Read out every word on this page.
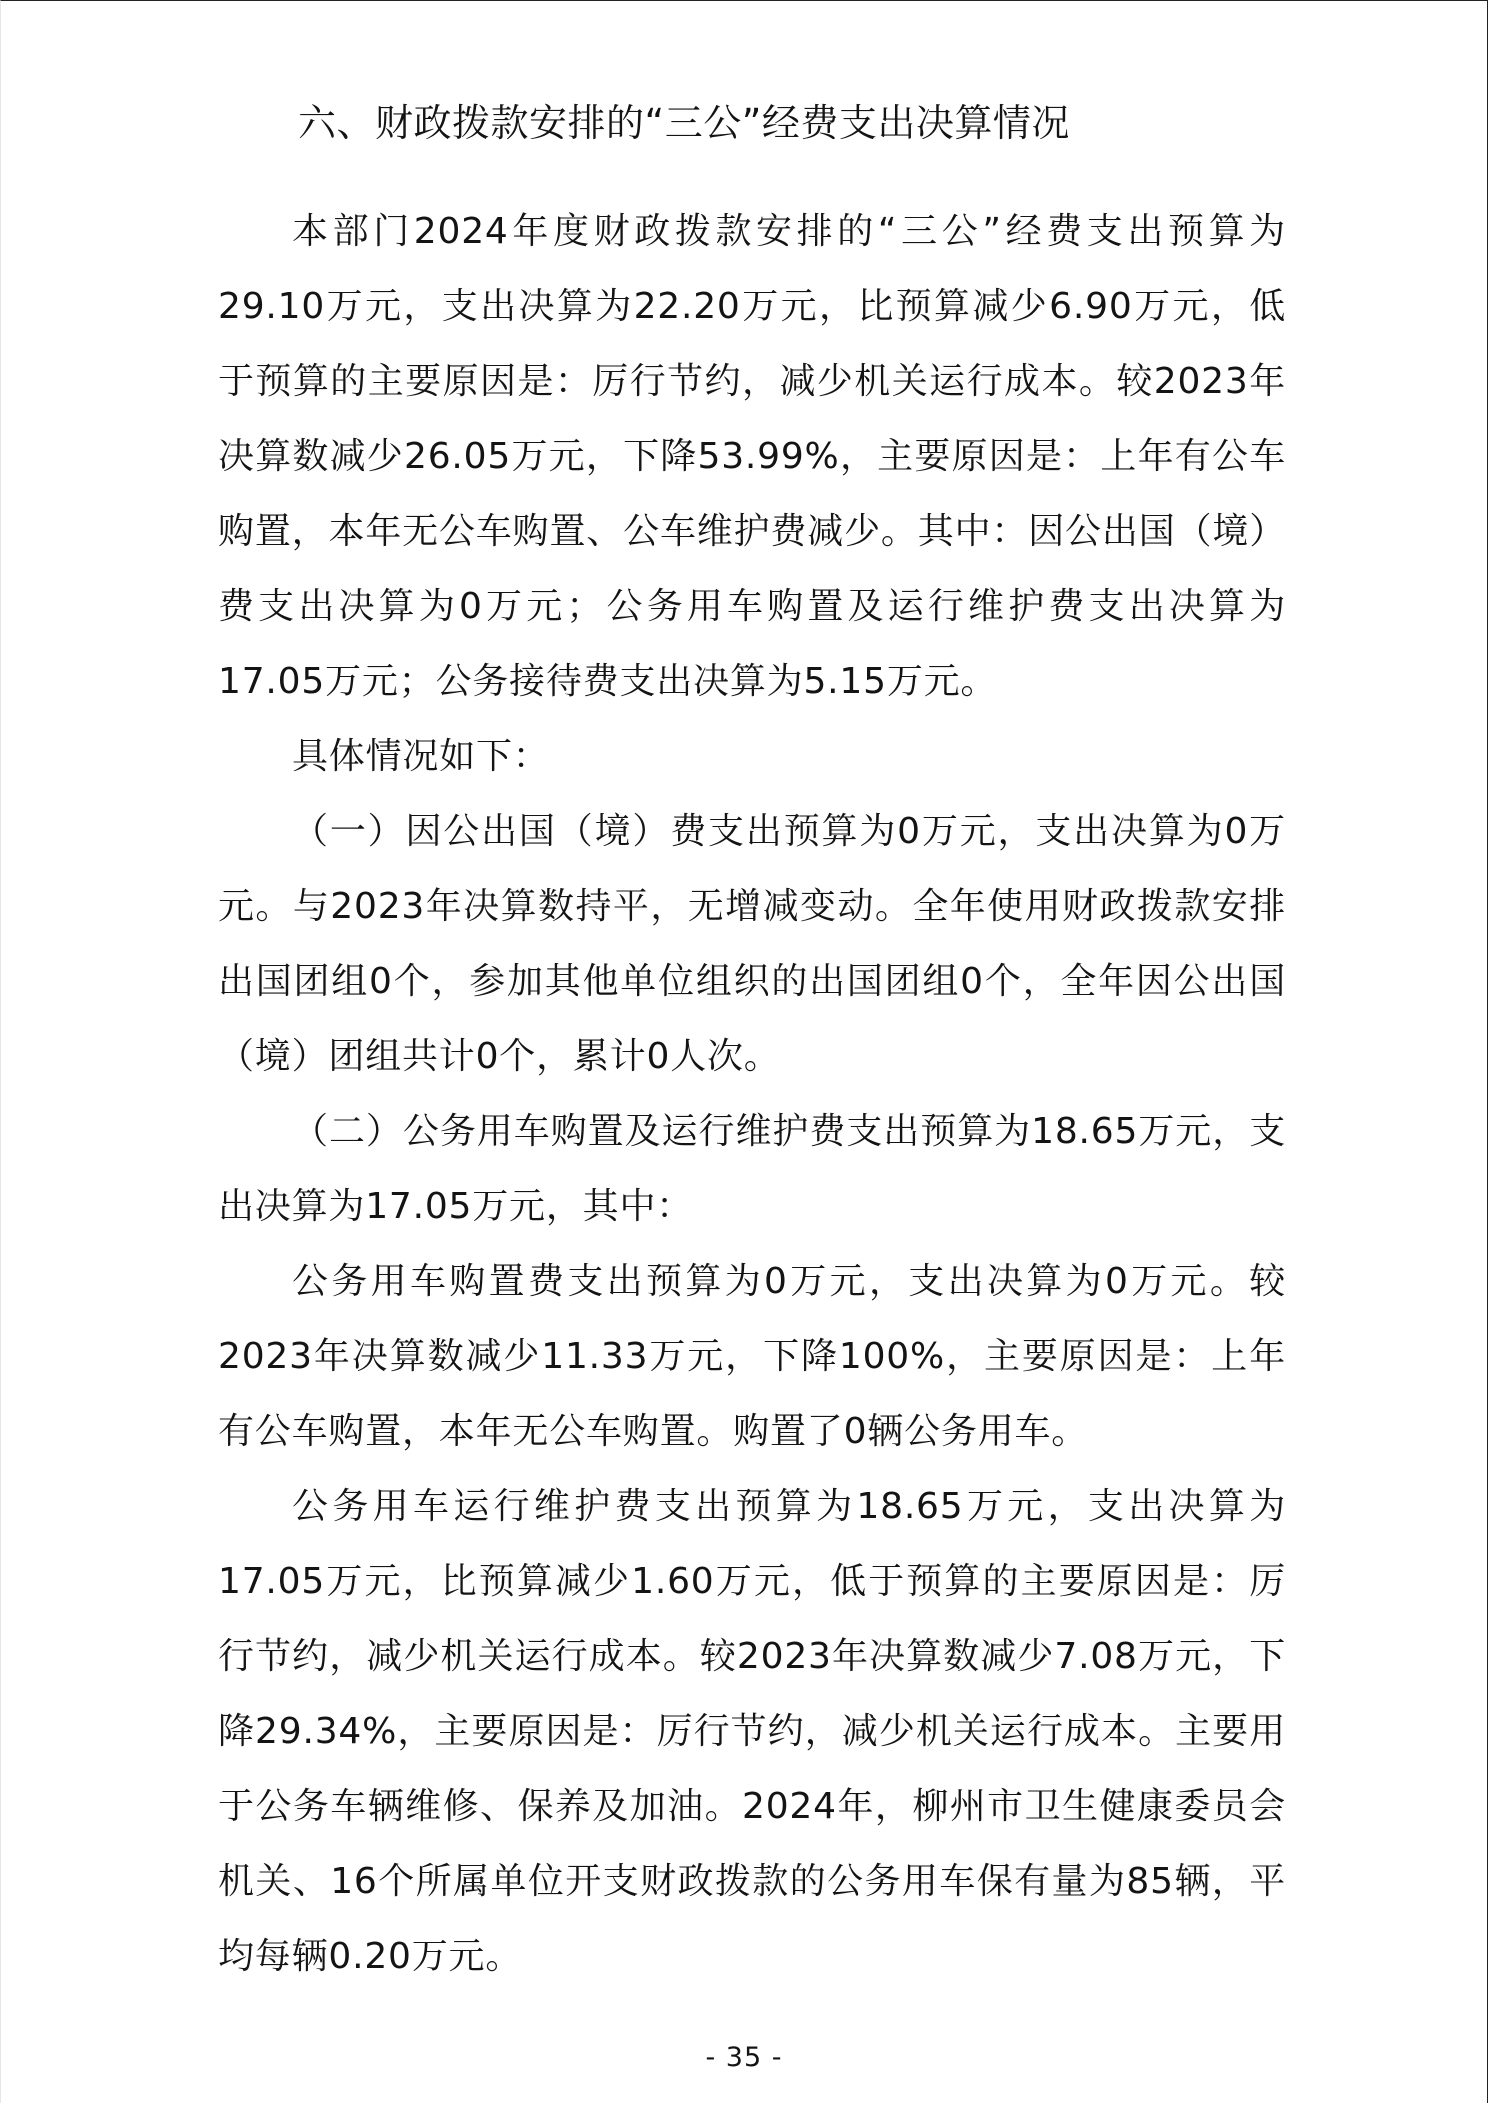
六、财政拨款安排的“三公”经费支出决算情况

本部门2024年度财政拨款安排的“三公”经费支出预算为29.10万元，支出决算为22.20万元，比预算减少6.90万元，低于预算的主要原因是：厉行节约，减少机关运行成本。较2023年决算数减少26.05万元，下降53.99%，主要原因是：上年有公车购置，本年无公车购置、公车维护费减少。其中：因公出国（境）费支出决算为0万元；公务用车购置及运行维护费支出决算为17.05万元；公务接待费支出决算为5.15万元。

具体情况如下：

（一）因公出国（境）费支出预算为0万元，支出决算为0万元。与2023年决算数持平，无增减变动。全年使用财政拨款安排出国团组0个，参加其他单位组织的出国团组0个，全年因公出国（境）团组共计0个，累计0人次。

（二）公务用车购置及运行维护费支出预算为18.65万元，支出决算为17.05万元，其中：

公务用车购置费支出预算为0万元，支出决算为0万元。较2023年决算数减少11.33万元，下降100%，主要原因是：上年有公车购置，本年无公车购置。购置了0辆公务用车。

公务用车运行维护费支出预算为18.65万元，支出决算为17.05万元，比预算减少1.60万元，低于预算的主要原因是：厉行节约，减少机关运行成本。较2023年决算数减少7.08万元，下降29.34%，主要原因是：厉行节约，减少机关运行成本。主要用于公务车辆维修、保养及加油。2024年，柳州市卫生健康委员会机关、16个所属单位开支财政拨款的公务用车保有量为85辆，平均每辆0.20万元。

- 35 -
